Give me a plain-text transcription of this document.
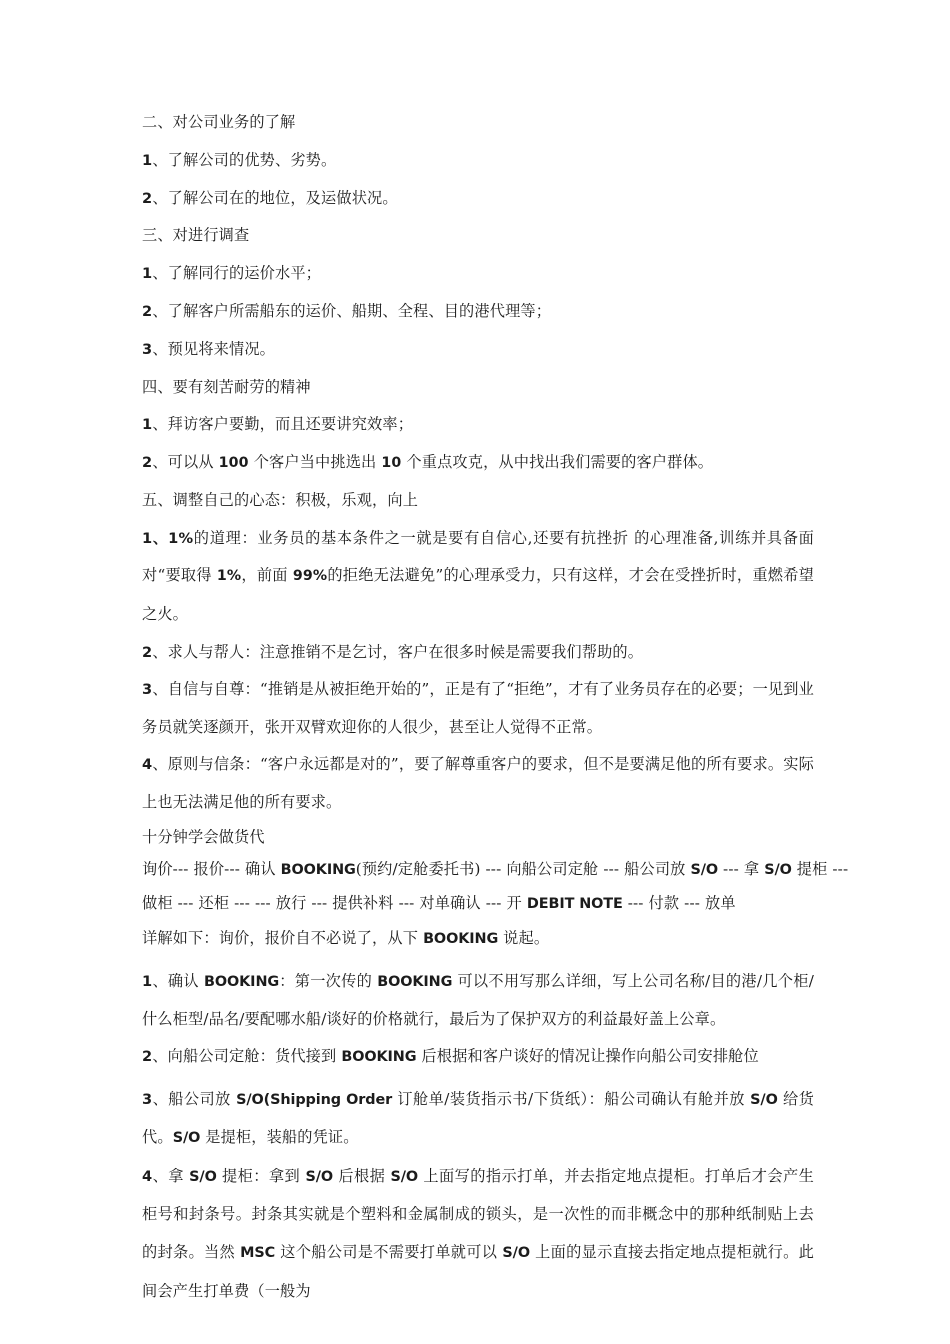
二、对公司业务的了解

1、了解公司的优势、劣势。

2、了解公司在的地位，及运做状况。

三、对进行调查

1、了解同行的运价水平；

2、了解客户所需船东的运价、船期、全程、目的港代理等；

3、预见将来情况。

四、要有刻苦耐劳的精神

1、拜访客户要勤，而且还要讲究效率；

2、可以从 100 个客户当中挑选出 10 个重点攻克，从中找出我们需要的客户群体。

五、调整自己的心态：积极，乐观，向上

1、1%的道理：业务员的基本条件之一就是要有自信心,还要有抗挫折 的心理准备,训练并具备面对“要取得 1%，前面 99%的拒绝无法避免”的心理承受力，只有这样，才会在受挫折时，重燃希望之火。

2、求人与帮人：注意推销不是乞讨，客户在很多时候是需要我们帮助的。

3、自信与自尊：“推销是从被拒绝开始的”，正是有了“拒绝”，才有了业务员存在的必要；一见到业务员就笑逐颜开，张开双臂欢迎你的人很少，甚至让人觉得不正常。

4、原则与信条：“客户永远都是对的”，要了解尊重客户的要求，但不是要满足他的所有要求。实际上也无法满足他的所有要求。

十分钟学会做货代

询价--- 报价--- 确认 BOOKING(预约/定舱委托书) --- 向船公司定舱 --- 船公司放 S/O --- 拿 S/O 提柜 ---

做柜 --- 还柜 --- --- 放行 --- 提供补料 --- 对单确认 --- 开 DEBIT NOTE --- 付款 --- 放单

详解如下：询价，报价自不必说了，从下 BOOKING 说起。

1、确认 BOOKING：第一次传的 BOOKING 可以不用写那么详细，写上公司名称/目的港/几个柜/什么柜型/品名/要配哪水船/谈好的价格就行，最后为了保护双方的利益最好盖上公章。

2、向船公司定舱：货代接到 BOOKING 后根据和客户谈好的情况让操作向船公司安排舱位

3、船公司放 S/O(Shipping Order 订舱单/装货指示书/下货纸）：船公司确认有舱并放 S/O 给货代。S/O 是提柜，装船的凭证。

4、拿 S/O 提柜：拿到 S/O 后根据 S/O 上面写的指示打单，并去指定地点提柜。打单后才会产生柜号和封条号。封条其实就是个塑料和金属制成的锁头，是一次性的而非概念中的那种纸制贴上去的封条。当然 MSC 这个船公司是不需要打单就可以 S/O 上面的显示直接去指定地点提柜就行。此间会产生打单费（一般为
